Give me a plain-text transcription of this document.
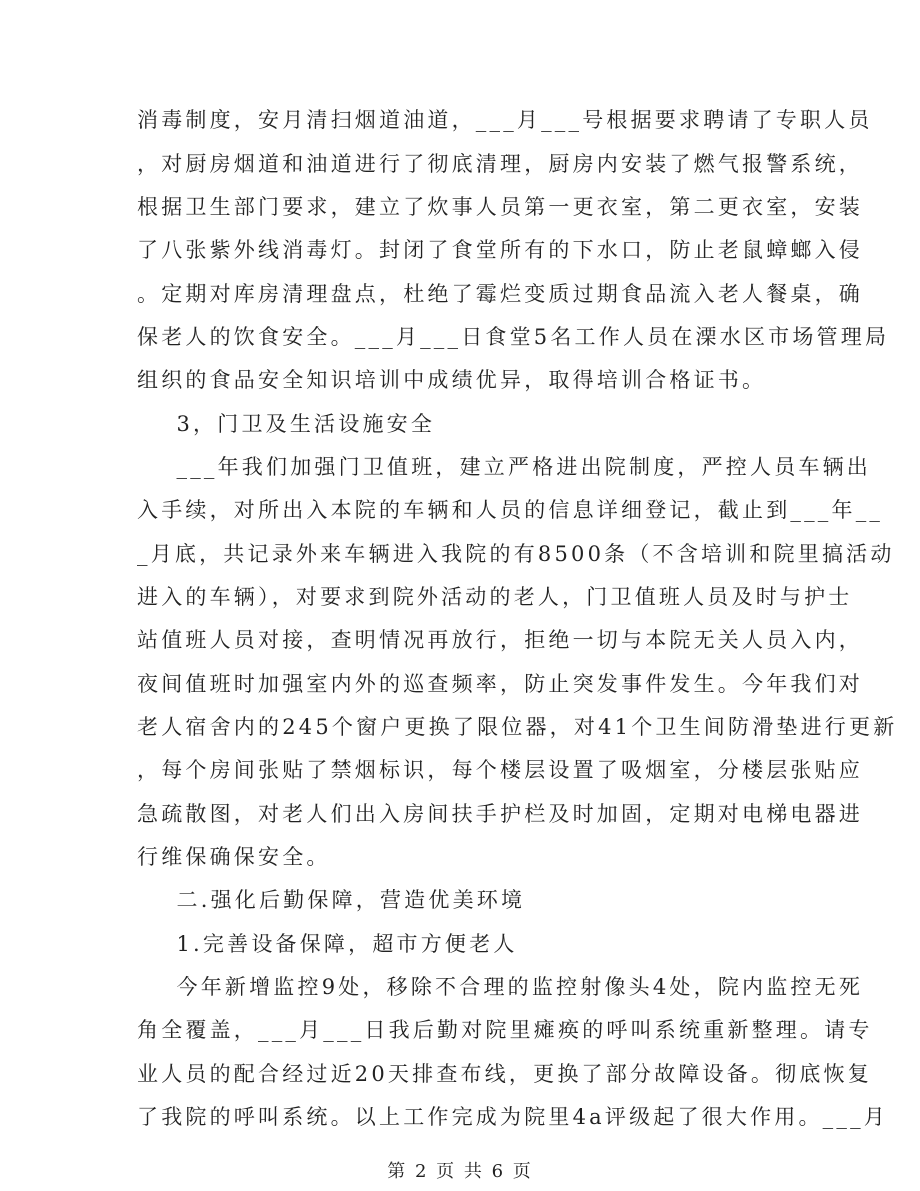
消毒制度，安月清扫烟道油道，___月___号根据要求聘请了专职人员
，对厨房烟道和油道进行了彻底清理，厨房内安装了燃气报警系统，
根据卫生部门要求，建立了炊事人员第一更衣室，第二更衣室，安装
了八张紫外线消毒灯。封闭了食堂所有的下水口，防止老鼠蟑螂入侵
。定期对库房清理盘点，杜绝了霉烂变质过期食品流入老人餐桌，确
保老人的饮食安全。___月___日食堂5名工作人员在溧水区市场管理局
组织的食品安全知识培训中成绩优异，取得培训合格证书。
3，门卫及生活设施安全
___年我们加强门卫值班，建立严格进出院制度，严控人员车辆出
入手续，对所出入本院的车辆和人员的信息详细登记，截止到___年__
_月底，共记录外来车辆进入我院的有8500条（不含培训和院里搞活动
进入的车辆），对要求到院外活动的老人，门卫值班人员及时与护士
站值班人员对接，查明情况再放行，拒绝一切与本院无关人员入内，
夜间值班时加强室内外的巡查频率，防止突发事件发生。今年我们对
老人宿舍内的245个窗户更换了限位器，对41个卫生间防滑垫进行更新
，每个房间张贴了禁烟标识，每个楼层设置了吸烟室，分楼层张贴应
急疏散图，对老人们出入房间扶手护栏及时加固，定期对电梯电器进
行维保确保安全。
二.强化后勤保障，营造优美环境
1.完善设备保障，超市方便老人
今年新增监控9处，移除不合理的监控射像头4处，院内监控无死
角全覆盖，___月___日我后勤对院里瘫痪的呼叫系统重新整理。请专
业人员的配合经过近20天排查布线，更换了部分故障设备。彻底恢复
了我院的呼叫系统。以上工作完成为院里4a评级起了很大作用。___月
第 2 页 共 6 页
